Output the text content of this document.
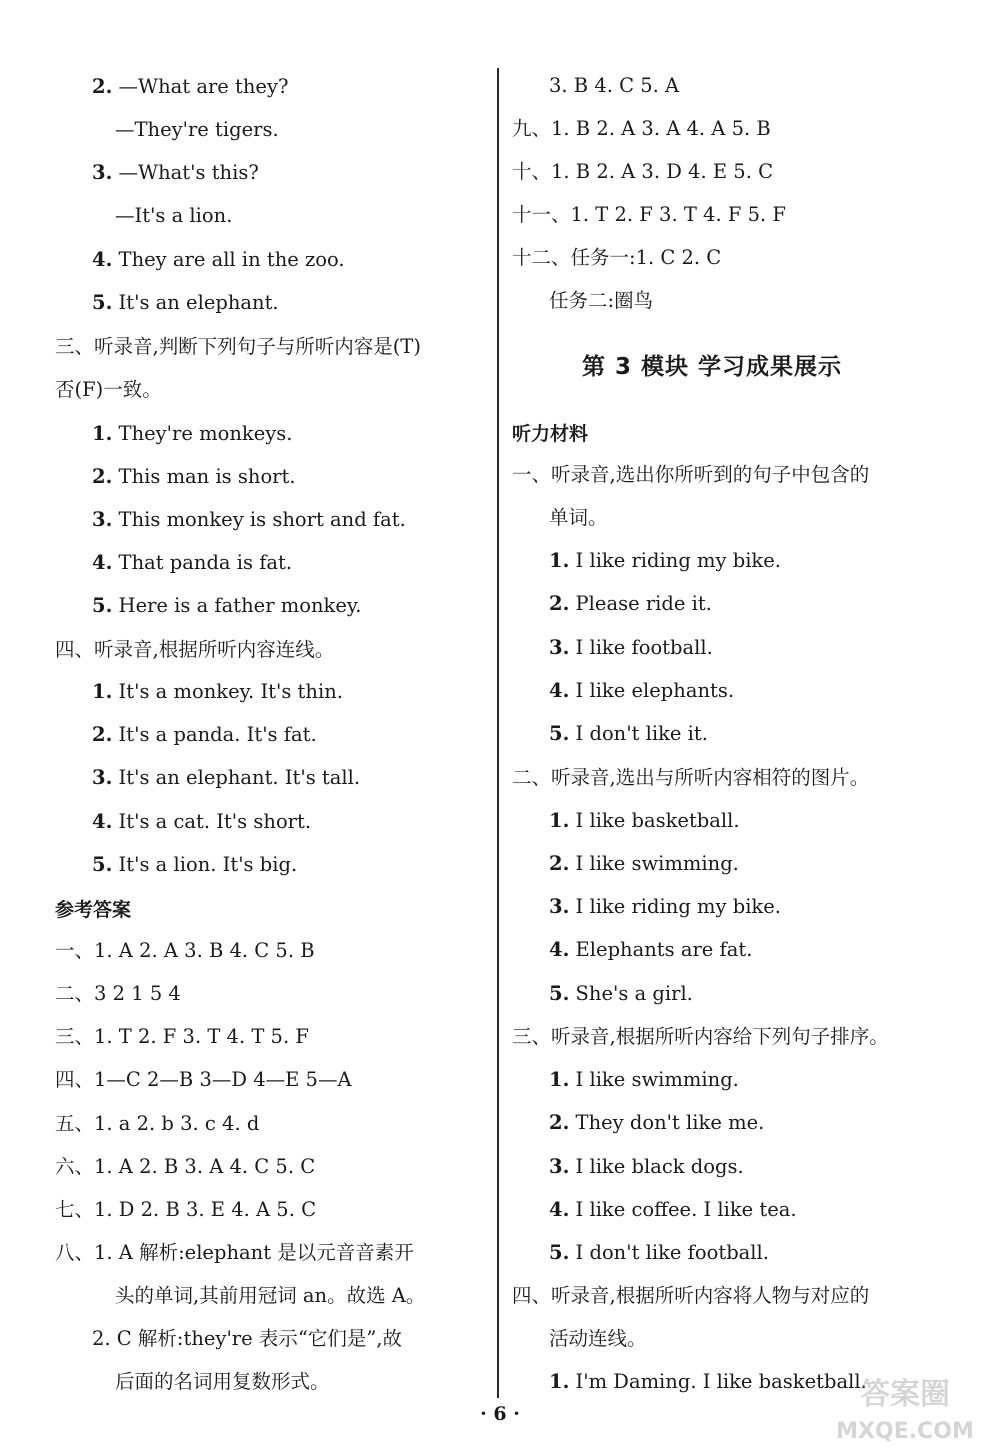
2. —What are they?
—They're tigers.
3. —What's this?
—It's a lion.
4. They are all in the zoo.
5. It's an elephant.
三、听录音,判断下列句子与所听内容是(T)
否(F)一致。
1. They're monkeys.
2. This man is short.
3. This monkey is short and fat.
4. That panda is fat.
5. Here is a father monkey.
四、听录音,根据所听内容连线。
1. It's a monkey. It's thin.
2. It's a panda. It's fat.
3. It's an elephant. It's tall.
4. It's a cat. It's short.
5. It's a lion. It's big.
参考答案
一、1. A 2. A 3. B 4. C 5. B
二、3 2 1 5 4
三、1. T 2. F 3. T 4. T 5. F
四、1—C 2—B 3—D 4—E 5—A
五、1. a 2. b 3. c 4. d
六、1. A 2. B 3. A 4. C 5. C
七、1. D 2. B 3. E 4. A 5. C
八、1. A 解析:elephant 是以元音音素开
头的单词,其前用冠词 an。故选 A。
2. C 解析:they're 表示“它们是”,故
后面的名词用复数形式。
3. B 4. C 5. A
九、1. B 2. A 3. A 4. A 5. B
十、1. B 2. A 3. D 4. E 5. C
十一、1. T 2. F 3. T 4. F 5. F
十二、任务一:1. C 2. C
任务二:圈鸟
第 3 模块 学习成果展示
听力材料
一、听录音,选出你所听到的句子中包含的
单词。
1. I like riding my bike.
2. Please ride it.
3. I like football.
4. I like elephants.
5. I don't like it.
二、听录音,选出与所听内容相符的图片。
1. I like basketball.
2. I like swimming.
3. I like riding my bike.
4. Elephants are fat.
5. She's a girl.
三、听录音,根据所听内容给下列句子排序。
1. I like swimming.
2. They don't like me.
3. I like black dogs.
4. I like coffee. I like tea.
5. I don't like football.
四、听录音,根据所听内容将人物与对应的
活动连线。
1. I'm Daming. I like basketball.
· 6 ·
答案圈 MXQE.COM
